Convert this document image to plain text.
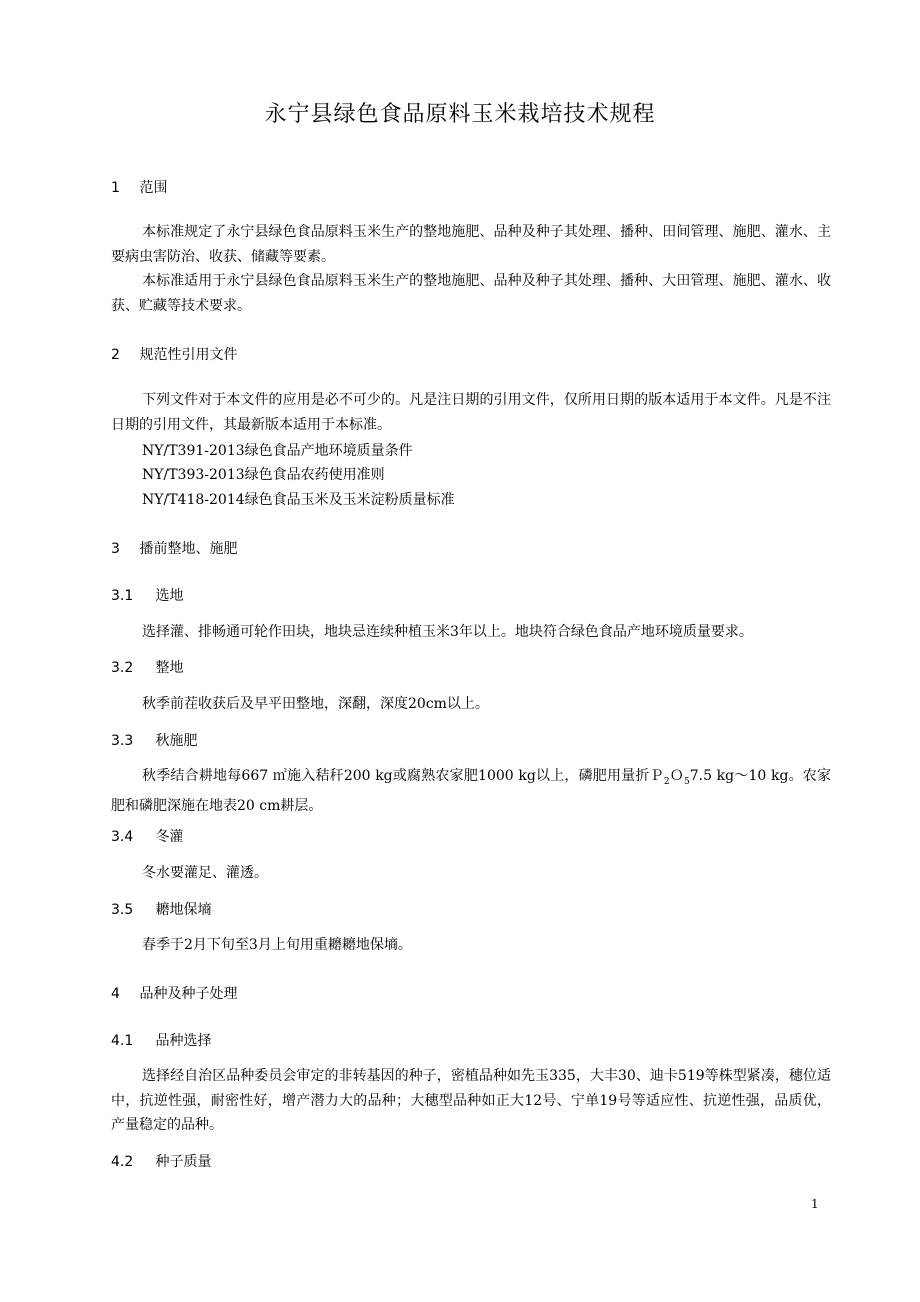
永宁县绿色食品原料玉米栽培技术规程
1 范围

本标准规定了永宁县绿色食品原料玉米生产的整地施肥、品种及种子其处理、播种、田间管理、施肥、灌水、主要病虫害防治、收获、储藏等要素。

本标准适用于永宁县绿色食品原料玉米生产的整地施肥、品种及种子其处理、播种、大田管理、施肥、灌水、收获、贮藏等技术要求。

2 规范性引用文件

下列文件对于本文件的应用是必不可少的。凡是注日期的引用文件，仅所用日期的版本适用于本文件。凡是不注日期的引用文件，其最新版本适用于本标准。

NY/T391-2013绿色食品产地环境质量条件

NY/T393-2013绿色食品农药使用准则

NY/T418-2014绿色食品玉米及玉米淀粉质量标准

3 播前整地、施肥
3.1 选地

选择灌、排畅通可轮作田块，地块忌连续种植玉米3年以上。地块符合绿色食品产地环境质量要求。

3.2 整地

秋季前茬收获后及早平田整地，深翻，深度20cm以上。

3.3 秋施肥

秋季结合耕地每667 ㎡施入秸秆200 kg或腐熟农家肥1000 kg以上，磷肥用量折Ｐ$_2$Ｏ$_5$7.5 kg～10 kg。农家肥和磷肥深施在地表20 cm耕层。

3.4 冬灌

冬水要灌足、灌透。

3.5 耱地保墒

春季于2月下旬至3月上旬用重耱耱地保墒。

4 品种及种子处理
4.1 品种选择

选择经自治区品种委员会审定的非转基因的种子，密植品种如先玉335，大丰30、迪卡519等株型紧凑，穗位适中，抗逆性强，耐密性好，增产潜力大的品种；大穗型品种如正大12号、宁单19号等适应性、抗逆性强，品质优，产量稳定的品种。

4.2 种子质量
1
